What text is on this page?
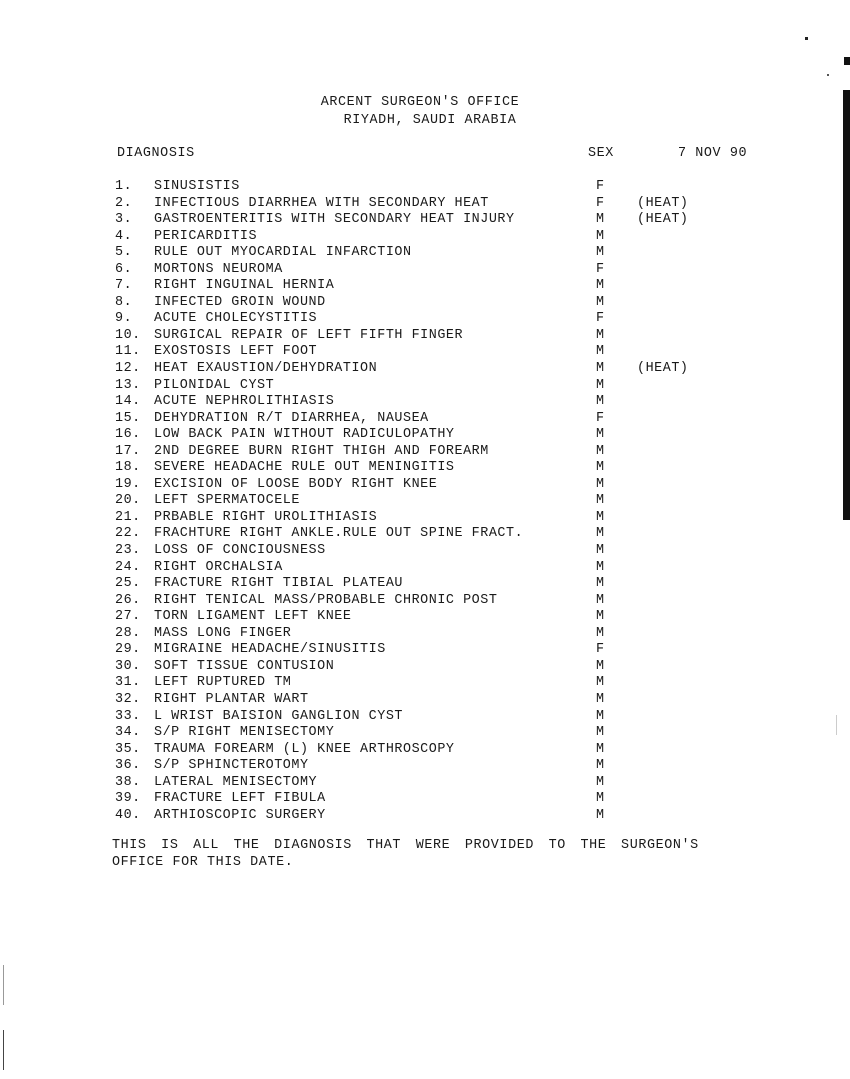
ARCENT SURGEON'S OFFICE
RIYADH, SAUDI ARABIA
DIAGNOSIS	SEX	7 NOV 90
1. SINUSISTIS	F
2. INFECTIOUS DIARRHEA WITH SECONDARY HEAT	F (HEAT)
3. GASTROENTERITIS WITH SECONDARY HEAT INJURY	M (HEAT)
4. PERICARDITIS	M
5. RULE OUT MYOCARDIAL INFARCTION	M
6. MORTONS NEUROMA	F
7. RIGHT INGUINAL HERNIA	M
8. INFECTED GROIN WOUND	M
9. ACUTE CHOLECYSTITIS	F
10. SURGICAL REPAIR OF LEFT FIFTH FINGER	M
11. EXOSTOSIS LEFT FOOT	M
12. HEAT EXAUSTION/DEHYDRATION	M (HEAT)
13. PILONIDAL CYST	M
14. ACUTE NEPHROLITHIASIS	M
15. DEHYDRATION R/T DIARRHEA, NAUSEA	F
16. LOW BACK PAIN WITHOUT RADICULOPATHY	M
17. 2ND DEGREE BURN RIGHT THIGH AND FOREARM	M
18. SEVERE HEADACHE RULE OUT MENINGITIS	M
19. EXCISION OF LOOSE BODY RIGHT KNEE	M
20. LEFT SPERMATOCELE	M
21. PRBABLE RIGHT UROLITHIASIS	M
22. FRACHTURE RIGHT ANKLE.RULE OUT SPINE FRACT.	M
23. LOSS OF CONCIOUSNESS	M
24. RIGHT ORCHALSIA	M
25. FRACTURE RIGHT TIBIAL PLATEAU	M
26. RIGHT TENICAL MASS/PROBABLE CHRONIC POST	M
27. TORN LIGAMENT LEFT KNEE	M
28. MASS LONG FINGER	M
29. MIGRAINE HEADACHE/SINUSITIS	F
30. SOFT TISSUE CONTUSION	M
31. LEFT RUPTURED TM	M
32. RIGHT PLANTAR WART	M
33. L WRIST BAISION GANGLION CYST	M
34. S/P RIGHT MENISECTOMY	M
35. TRAUMA FOREARM (L) KNEE ARTHROSCOPY	M
36. S/P SPHINCTEROTOMY	M
38. LATERAL MENISECTOMY	M
39. FRACTURE LEFT FIBULA	M
40. ARTHIOSCOPIC SURGERY	M
THIS IS ALL THE DIAGNOSIS THAT WERE PROVIDED TO THE SURGEON'S
OFFICE FOR THIS DATE.
